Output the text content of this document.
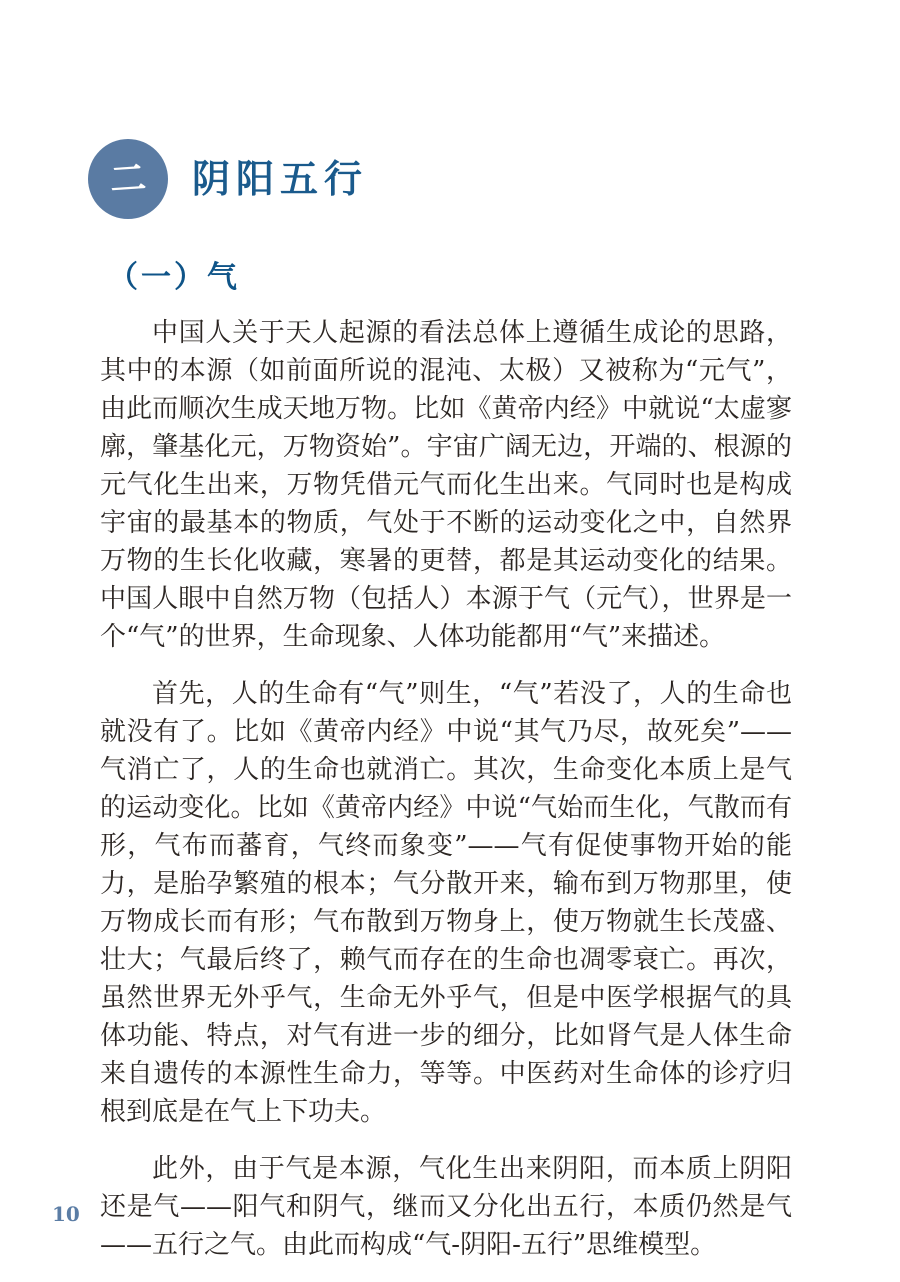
二 阴阳五行
（一）气

中国人关于天人起源的看法总体上遵循生成论的思路，其中的本源（如前面所说的混沌、太极）又被称为“元气”，由此而顺次生成天地万物。比如《黄帝内经》中就说“太虚寥廓，肇基化元，万物资始”。宇宙广阔无边，开端的、根源的元气化生出来，万物凭借元气而化生出来。气同时也是构成宇宙的最基本的物质，气处于不断的运动变化之中，自然界万物的生长化收藏，寒暑的更替，都是其运动变化的结果。中国人眼中自然万物（包括人）本源于气（元气），世界是一个“气”的世界，生命现象、人体功能都用“气”来描述。

首先，人的生命有“气”则生，“气”若没了，人的生命也就没有了。比如《黄帝内经》中说“其气乃尽，故死矣”——气消亡了，人的生命也就消亡。其次，生命变化本质上是气的运动变化。比如《黄帝内经》中说“气始而生化，气散而有形，气布而蕃育，气终而象变”——气有促使事物开始的能力，是胎孕繁殖的根本；气分散开来，输布到万物那里，使万物成长而有形；气布散到万物身上，使万物就生长茂盛、壮大；气最后终了，赖气而存在的生命也凋零衰亡。再次，虽然世界无外乎气，生命无外乎气，但是中医学根据气的具体功能、特点，对气有进一步的细分，比如肾气是人体生命来自遗传的本源性生命力，等等。中医药对生命体的诊疗归根到底是在气上下功夫。

此外，由于气是本源，气化生出来阴阳，而本质上阴阳还是气——阳气和阴气，继而又分化出五行，本质仍然是气——五行之气。由此而构成“气-阴阳-五行”思维模型。

10
